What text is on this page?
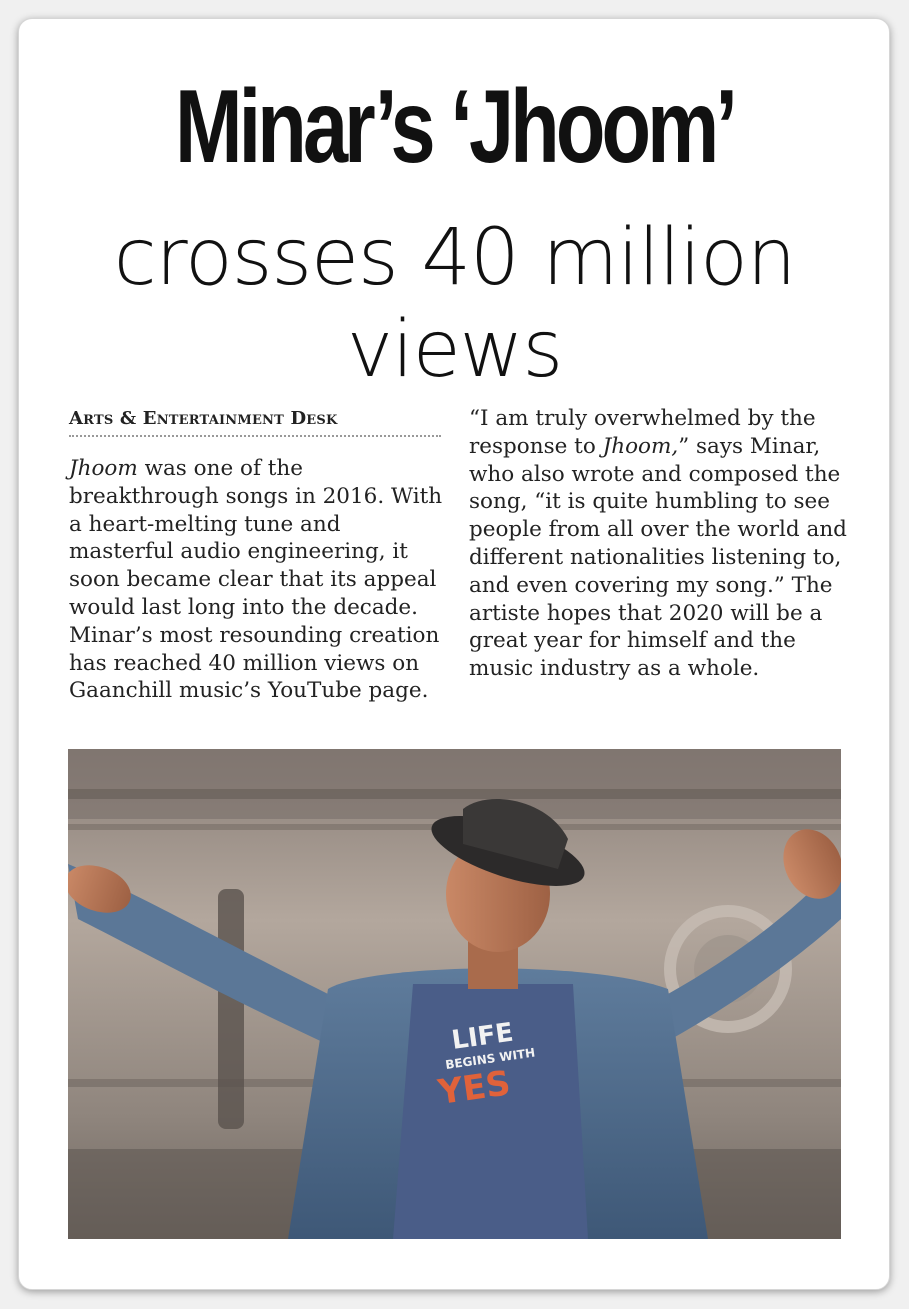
Minar’s ‘Jhoom’
crosses 40 million
views
Arts & Entertainment Desk

Jhoom was one of the breakthrough songs in 2016. With a heart-melting tune and masterful audio engineering, it soon became clear that its appeal would last long into the decade. Minar’s most resounding creation has reached 40 million views on Gaanchill music’s YouTube page.

“I am truly overwhelmed by the response to Jhoom,” says Minar, who also wrote and composed the song, “it is quite humbling to see people from all over the world and different nationalities listening to, and even covering my song.” The artiste hopes that 2020 will be a great year for himself and the music industry as a whole.

LIFE
BEGINS WITH
YES
